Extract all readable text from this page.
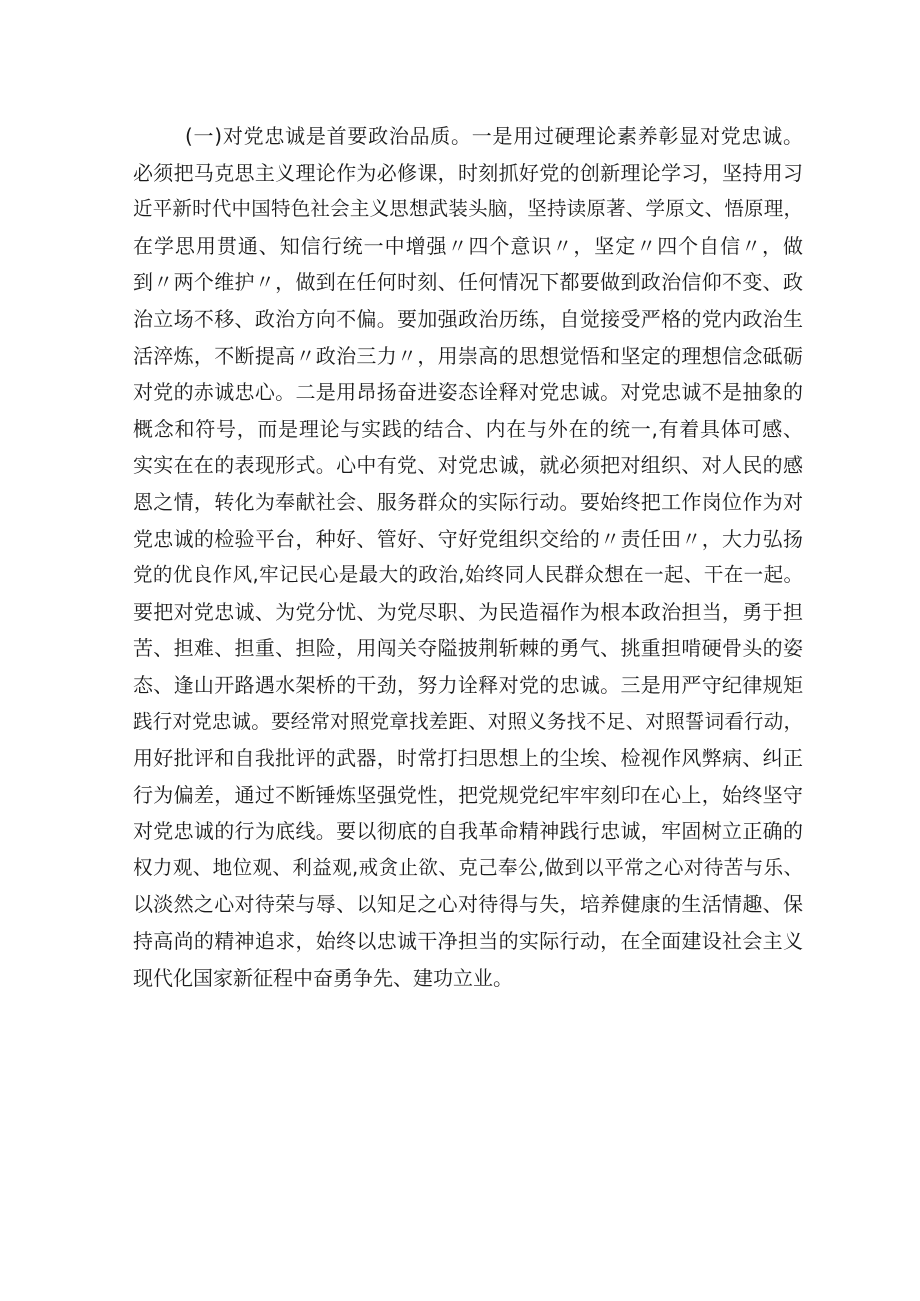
(一)对党忠诚是首要政治品质。一是用过硬理论素养彰显对党忠诚。
必须把马克思主义理论作为必修课，时刻抓好党的创新理论学习，坚持用习
近平新时代中国特色社会主义思想武装头脑，坚持读原著、学原文、悟原理，
在学思用贯通、知信行统一中增强〃四个意识〃，坚定〃四个自信〃，做
到〃两个维护〃，做到在任何时刻、任何情况下都要做到政治信仰不变、政
治立场不移、政治方向不偏。要加强政治历练，自觉接受严格的党内政治生
活淬炼，不断提高〃政治三力〃，用崇高的思想觉悟和坚定的理想信念砥砺
对党的赤诚忠心。二是用昂扬奋进姿态诠释对党忠诚。对党忠诚不是抽象的
概念和符号，而是理论与实践的结合、内在与外在的统一,有着具体可感、
实实在在的表现形式。心中有党、对党忠诚，就必须把对组织、对人民的感
恩之情，转化为奉献社会、服务群众的实际行动。要始终把工作岗位作为对
党忠诚的检验平台，种好、管好、守好党组织交给的〃责任田〃，大力弘扬
党的优良作风,牢记民心是最大的政治,始终同人民群众想在一起、干在一起。
要把对党忠诚、为党分忧、为党尽职、为民造福作为根本政治担当，勇于担
苦、担难、担重、担险，用闯关夺隘披荆斩棘的勇气、挑重担啃硬骨头的姿
态、逢山开路遇水架桥的干劲，努力诠释对党的忠诚。三是用严守纪律规矩
践行对党忠诚。要经常对照党章找差距、对照义务找不足、对照誓词看行动，
用好批评和自我批评的武器，时常打扫思想上的尘埃、检视作风弊病、纠正
行为偏差，通过不断锤炼坚强党性，把党规党纪牢牢刻印在心上，始终坚守
对党忠诚的行为底线。要以彻底的自我革命精神践行忠诚，牢固树立正确的
权力观、地位观、利益观,戒贪止欲、克己奉公,做到以平常之心对待苦与乐、
以淡然之心对待荣与辱、以知足之心对待得与失，培养健康的生活情趣、保
持高尚的精神追求，始终以忠诚干净担当的实际行动，在全面建设社会主义
现代化国家新征程中奋勇争先、建功立业。
